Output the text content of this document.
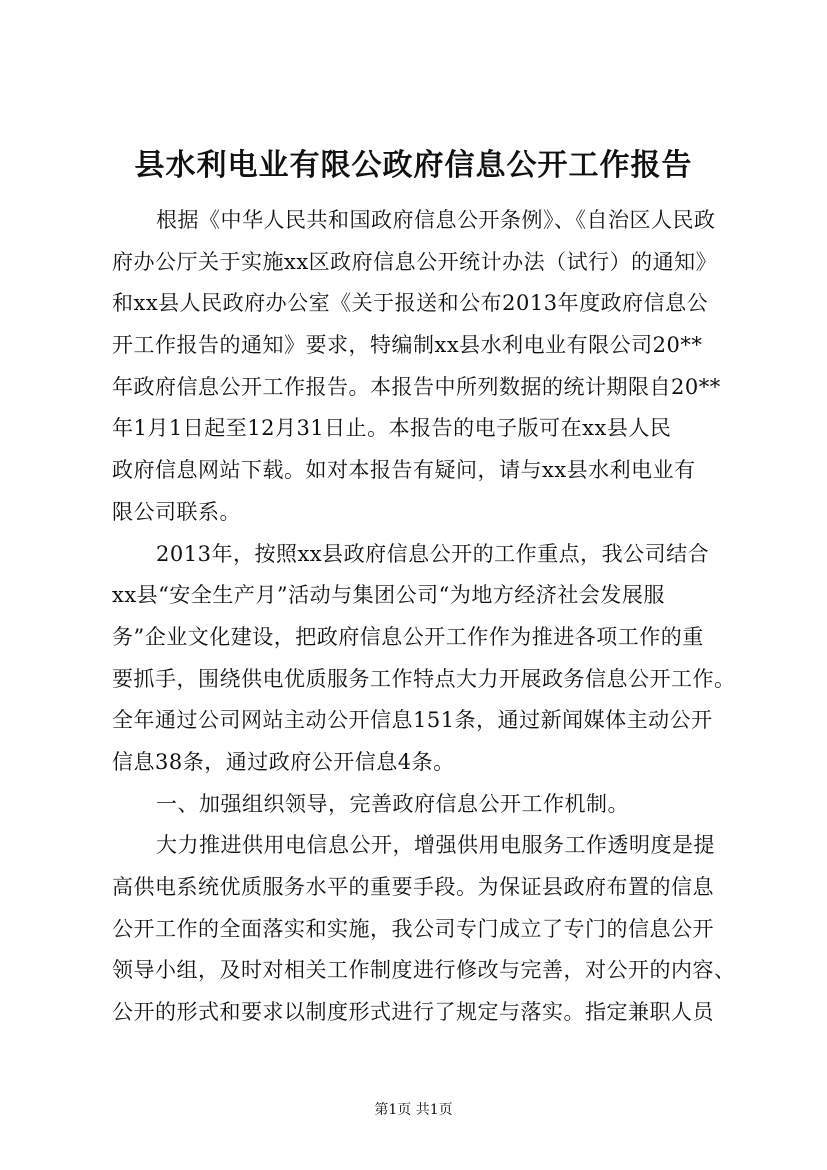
县水利电业有限公政府信息公开工作报告
根据《中华人民共和国政府信息公开条例》、《自治区人民政
府办公厅关于实施xx区政府信息公开统计办法（试行）的通知》
和xx县人民政府办公室《关于报送和公布2013年度政府信息公
开工作报告的通知》要求，特编制xx县水利电业有限公司20**
年政府信息公开工作报告。本报告中所列数据的统计期限自20**
年1月1日起至12月31日止。本报告的电子版可在xx县人民
政府信息网站下载。如对本报告有疑问，请与xx县水利电业有
限公司联系。
2013年，按照xx县政府信息公开的工作重点，我公司结合
xx县“安全生产月”活动与集团公司“为地方经济社会发展服
务”企业文化建设，把政府信息公开工作作为推进各项工作的重
要抓手，围绕供电优质服务工作特点大力开展政务信息公开工作。
全年通过公司网站主动公开信息151条，通过新闻媒体主动公开
信息38条，通过政府公开信息4条。
一、加强组织领导，完善政府信息公开工作机制。
大力推进供用电信息公开，增强供用电服务工作透明度是提
高供电系统优质服务水平的重要手段。为保证县政府布置的信息
公开工作的全面落实和实施，我公司专门成立了专门的信息公开
领导小组，及时对相关工作制度进行修改与完善，对公开的内容、
公开的形式和要求以制度形式进行了规定与落实。指定兼职人员
第1页 共1页
